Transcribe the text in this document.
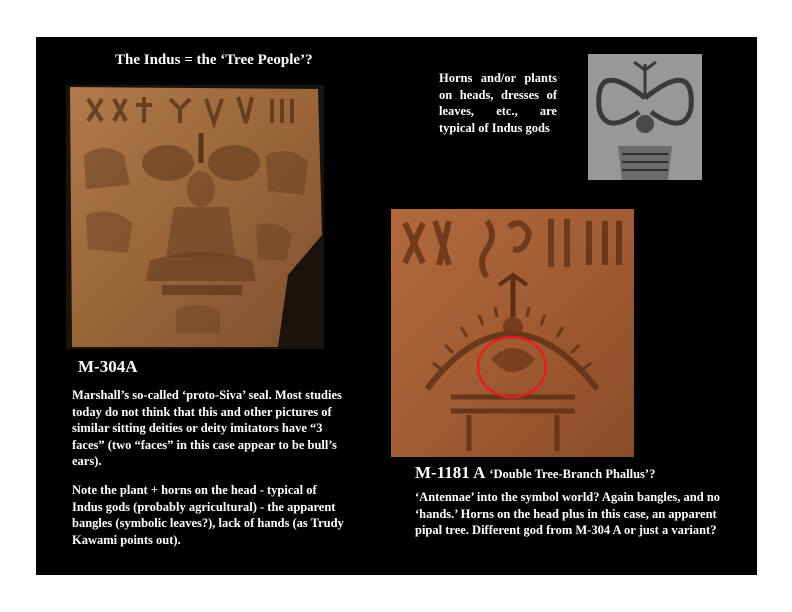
The Indus = the ‘Tree People’?
Horns and/or plants on heads, dresses of leaves, etc., are typical of Indus gods
M-304A
Marshall’s so-called ‘proto-Siva’ seal. Most studies today do not think that this and other pictures of similar sitting deities or deity imitators have “3 faces” (two “faces” in this case appear to be bull’s ears).
Note the plant + horns on the head - typical of Indus gods (probably agricultural) - the apparent bangles (symbolic leaves?), lack of hands (as Trudy Kawami points out).
M-1181 A ‘Double Tree-Branch Phallus’?
‘Antennae’ into the symbol world? Again bangles, and no ‘hands.’ Horns on the head plus in this case, an apparent pipal tree. Different god from M-304 A or just a variant?
